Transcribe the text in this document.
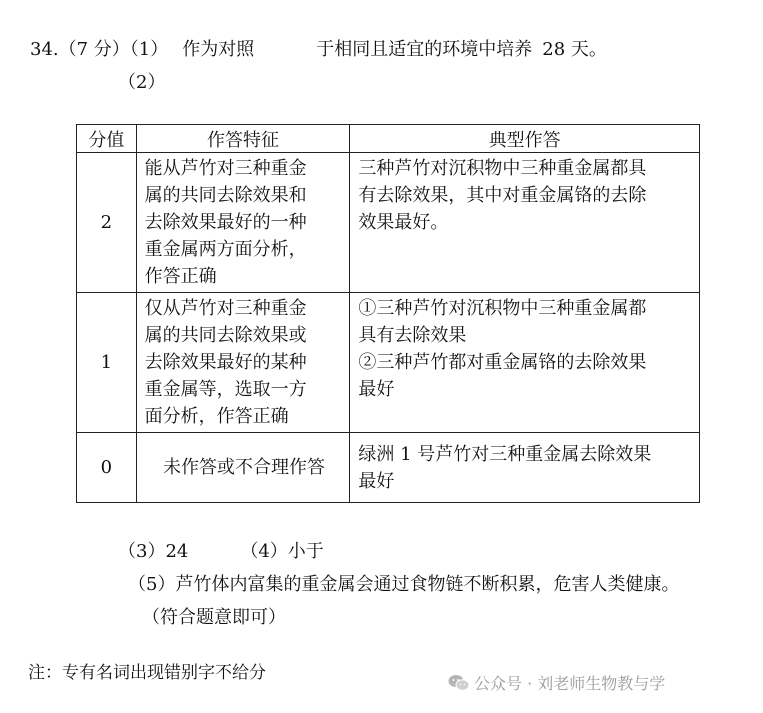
34.（7 分）（1） 作为对照	于相同且适宜的环境中培养 28 天。
（2）
分值	作答特征	典型作答
2	能从芦竹对三种重金
属的共同去除效果和
去除效果最好的一种
重金属两方面分析，
作答正确	三种芦竹对沉积物中三种重金属都具
有去除效果，其中对重金属铬的去除
效果最好。

1	仅从芦竹对三种重金
属的共同去除效果或
去除效果最好的某种
重金属等，选取一方
面分析，作答正确	①三种芦竹对沉积物中三种重金属都
具有去除效果
②三种芦竹都对重金属铬的去除效果
最好

0	未作答或不合理作答	绿洲 1 号芦竹对三种重金属去除效果
最好
（3）24	（4）小于
（5）芦竹体内富集的重金属会通过食物链不断积累，危害人类健康。
（符合题意即可）
注：专有名词出现错别字不给分
公众号 · 刘老师生物教与学
